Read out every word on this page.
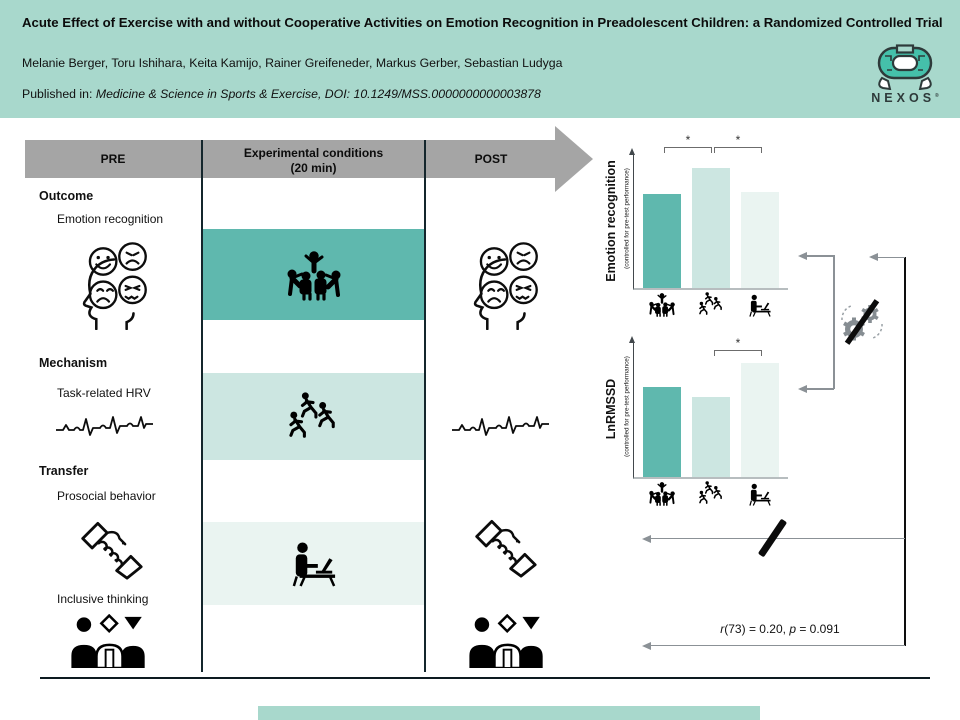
Acute Effect of Exercise with and without Cooperative Activities on Emotion Recognition in Preadolescent Children: a Randomized Controlled Trial
Melanie Berger, Toru Ishihara, Keita Kamijo, Rainer Greifeneder, Markus Gerber, Sebastian Ludyga
Published in: Medicine & Science in Sports & Exercise, DOI: 10.1249/MSS.0000000000003878	NEXOS®
PRE	Experimental conditions
(20 min)
POST
Outcome
Emotion recognition
Mechanism
Task-related HRV
Transfer
Prosocial behavior
Inclusive thinking
Emotion recognition (controlled for pre-test performance)
*	*
LnRMSSD (controlled for pre-test performance)
*
r(73) = 0.20, p = 0.091
